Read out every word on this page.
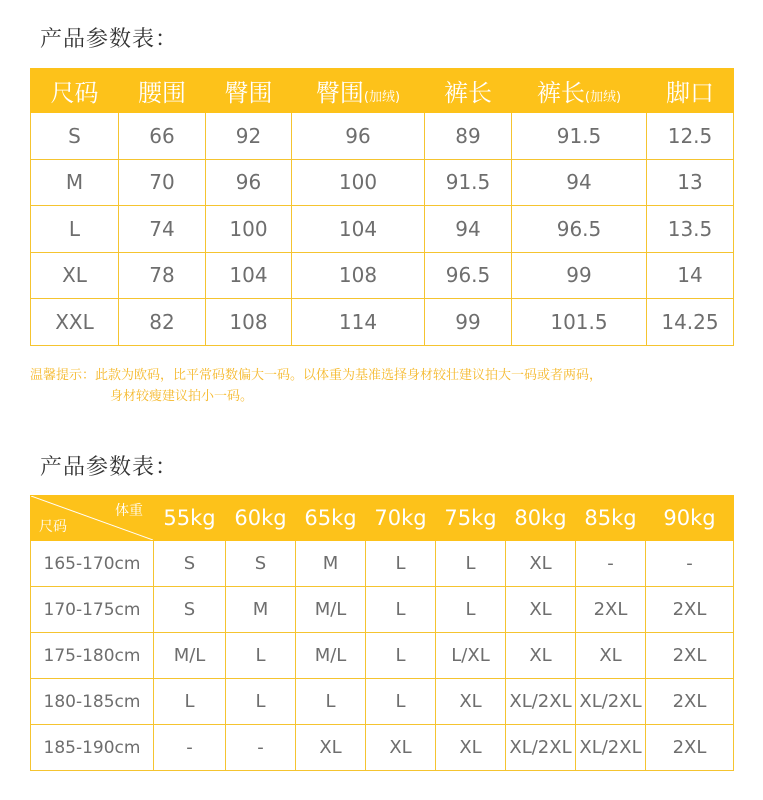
产品参数表：
尺码	腰围	臀围	臀围(加绒)	裤长	裤长(加绒)	脚口
S	66	92	96	89	91.5	12.5
M	70	96	100	91.5	94	13
L	74	100	104	94	96.5	13.5
XL	78	104	108	96.5	99	14
XXL	82	108	114	99	101.5	14.25
温馨提示：此款为欧码，比平常码数偏大一码。以体重为基准选择身材较壮建议拍大一码或者两码，
身材较瘦建议拍小一码。
产品参数表：
体重
尺码	55kg	60kg	65kg	70kg	75kg	80kg	85kg	90kg
165-170cm	S	S	M	L	L	XL	-	-
170-175cm	S	M	M/L	L	L	XL	2XL	2XL
175-180cm	M/L	L	M/L	L	L/XL	XL	XL	2XL
180-185cm	L	L	L	L	XL	XL/2XL	XL/2XL	2XL
185-190cm	-	-	XL	XL	XL	XL/2XL	XL/2XL	2XL
